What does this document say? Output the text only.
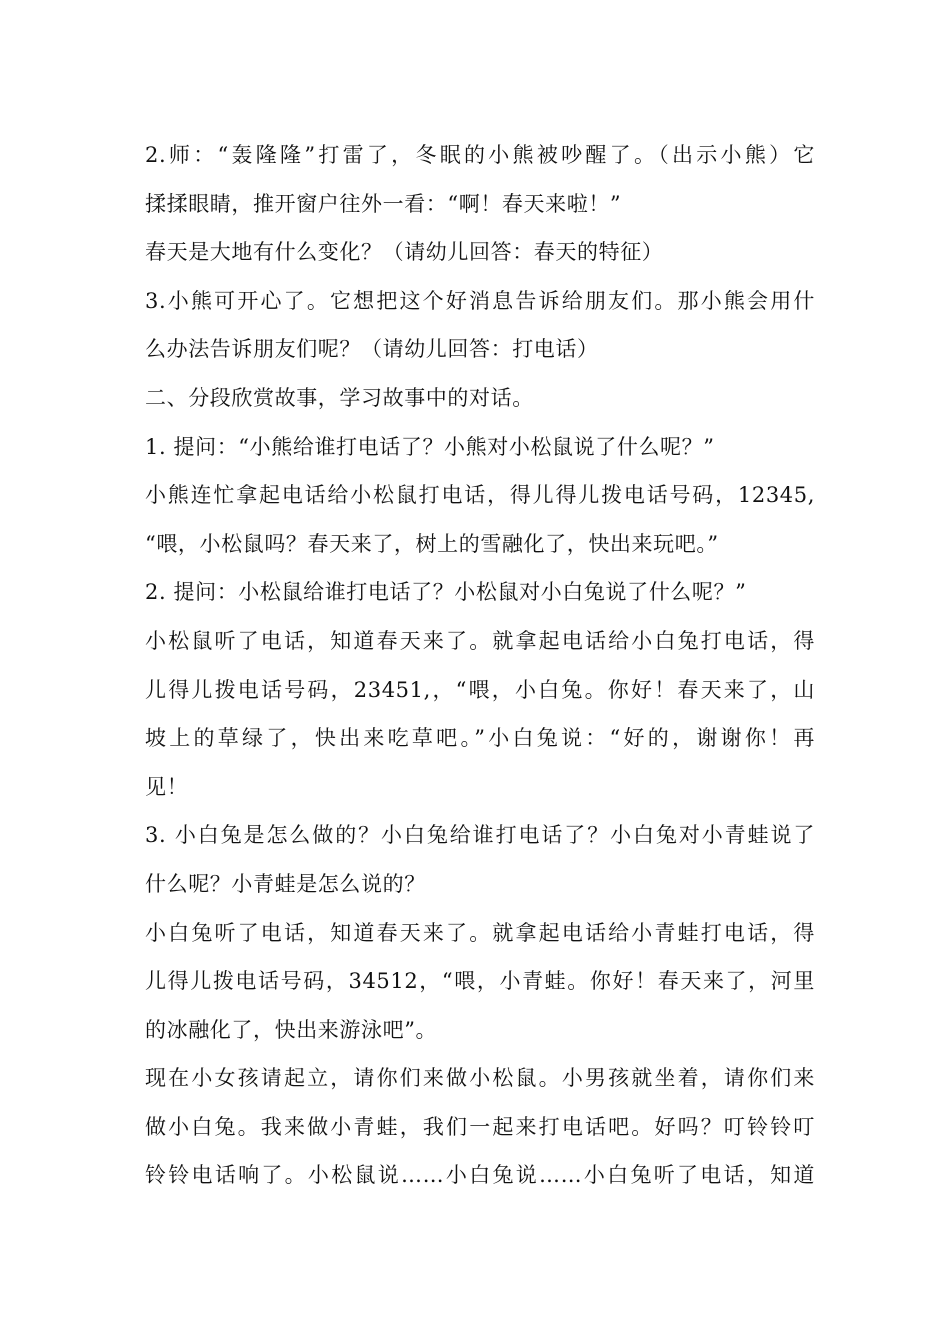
2.师：“轰隆隆”打雷了，冬眠的小熊被吵醒了。（出示小熊）它
揉揉眼睛，推开窗户往外一看：“啊！春天来啦！”
春天是大地有什么变化？（请幼儿回答：春天的特征）
3.小熊可开心了。它想把这个好消息告诉给朋友们。那小熊会用什
么办法告诉朋友们呢？（请幼儿回答：打电话）
二、分段欣赏故事，学习故事中的对话。
1. 提问：“小熊给谁打电话了？小熊对小松鼠说了什么呢？”
小熊连忙拿起电话给小松鼠打电话，得儿得儿拨电话号码，12345,
“喂，小松鼠吗？春天来了，树上的雪融化了，快出来玩吧。”
2. 提问：小松鼠给谁打电话了？小松鼠对小白兔说了什么呢？”
小松鼠听了电话，知道春天来了。就拿起电话给小白兔打电话，得
儿得儿拨电话号码，23451,，“喂，小白兔。你好！春天来了，山
坡上的草绿了，快出来吃草吧。”小白兔说：“好的，谢谢你！再
见！
3. 小白兔是怎么做的？小白兔给谁打电话了？小白兔对小青蛙说了
什么呢？小青蛙是怎么说的？
小白兔听了电话，知道春天来了。就拿起电话给小青蛙打电话，得
儿得儿拨电话号码，34512，“喂，小青蛙。你好！春天来了，河里
的冰融化了，快出来游泳吧”。
现在小女孩请起立，请你们来做小松鼠。小男孩就坐着，请你们来
做小白兔。我来做小青蛙，我们一起来打电话吧。好吗？叮铃铃叮
铃铃电话响了。小松鼠说……小白兔说……小白兔听了电话，知道
